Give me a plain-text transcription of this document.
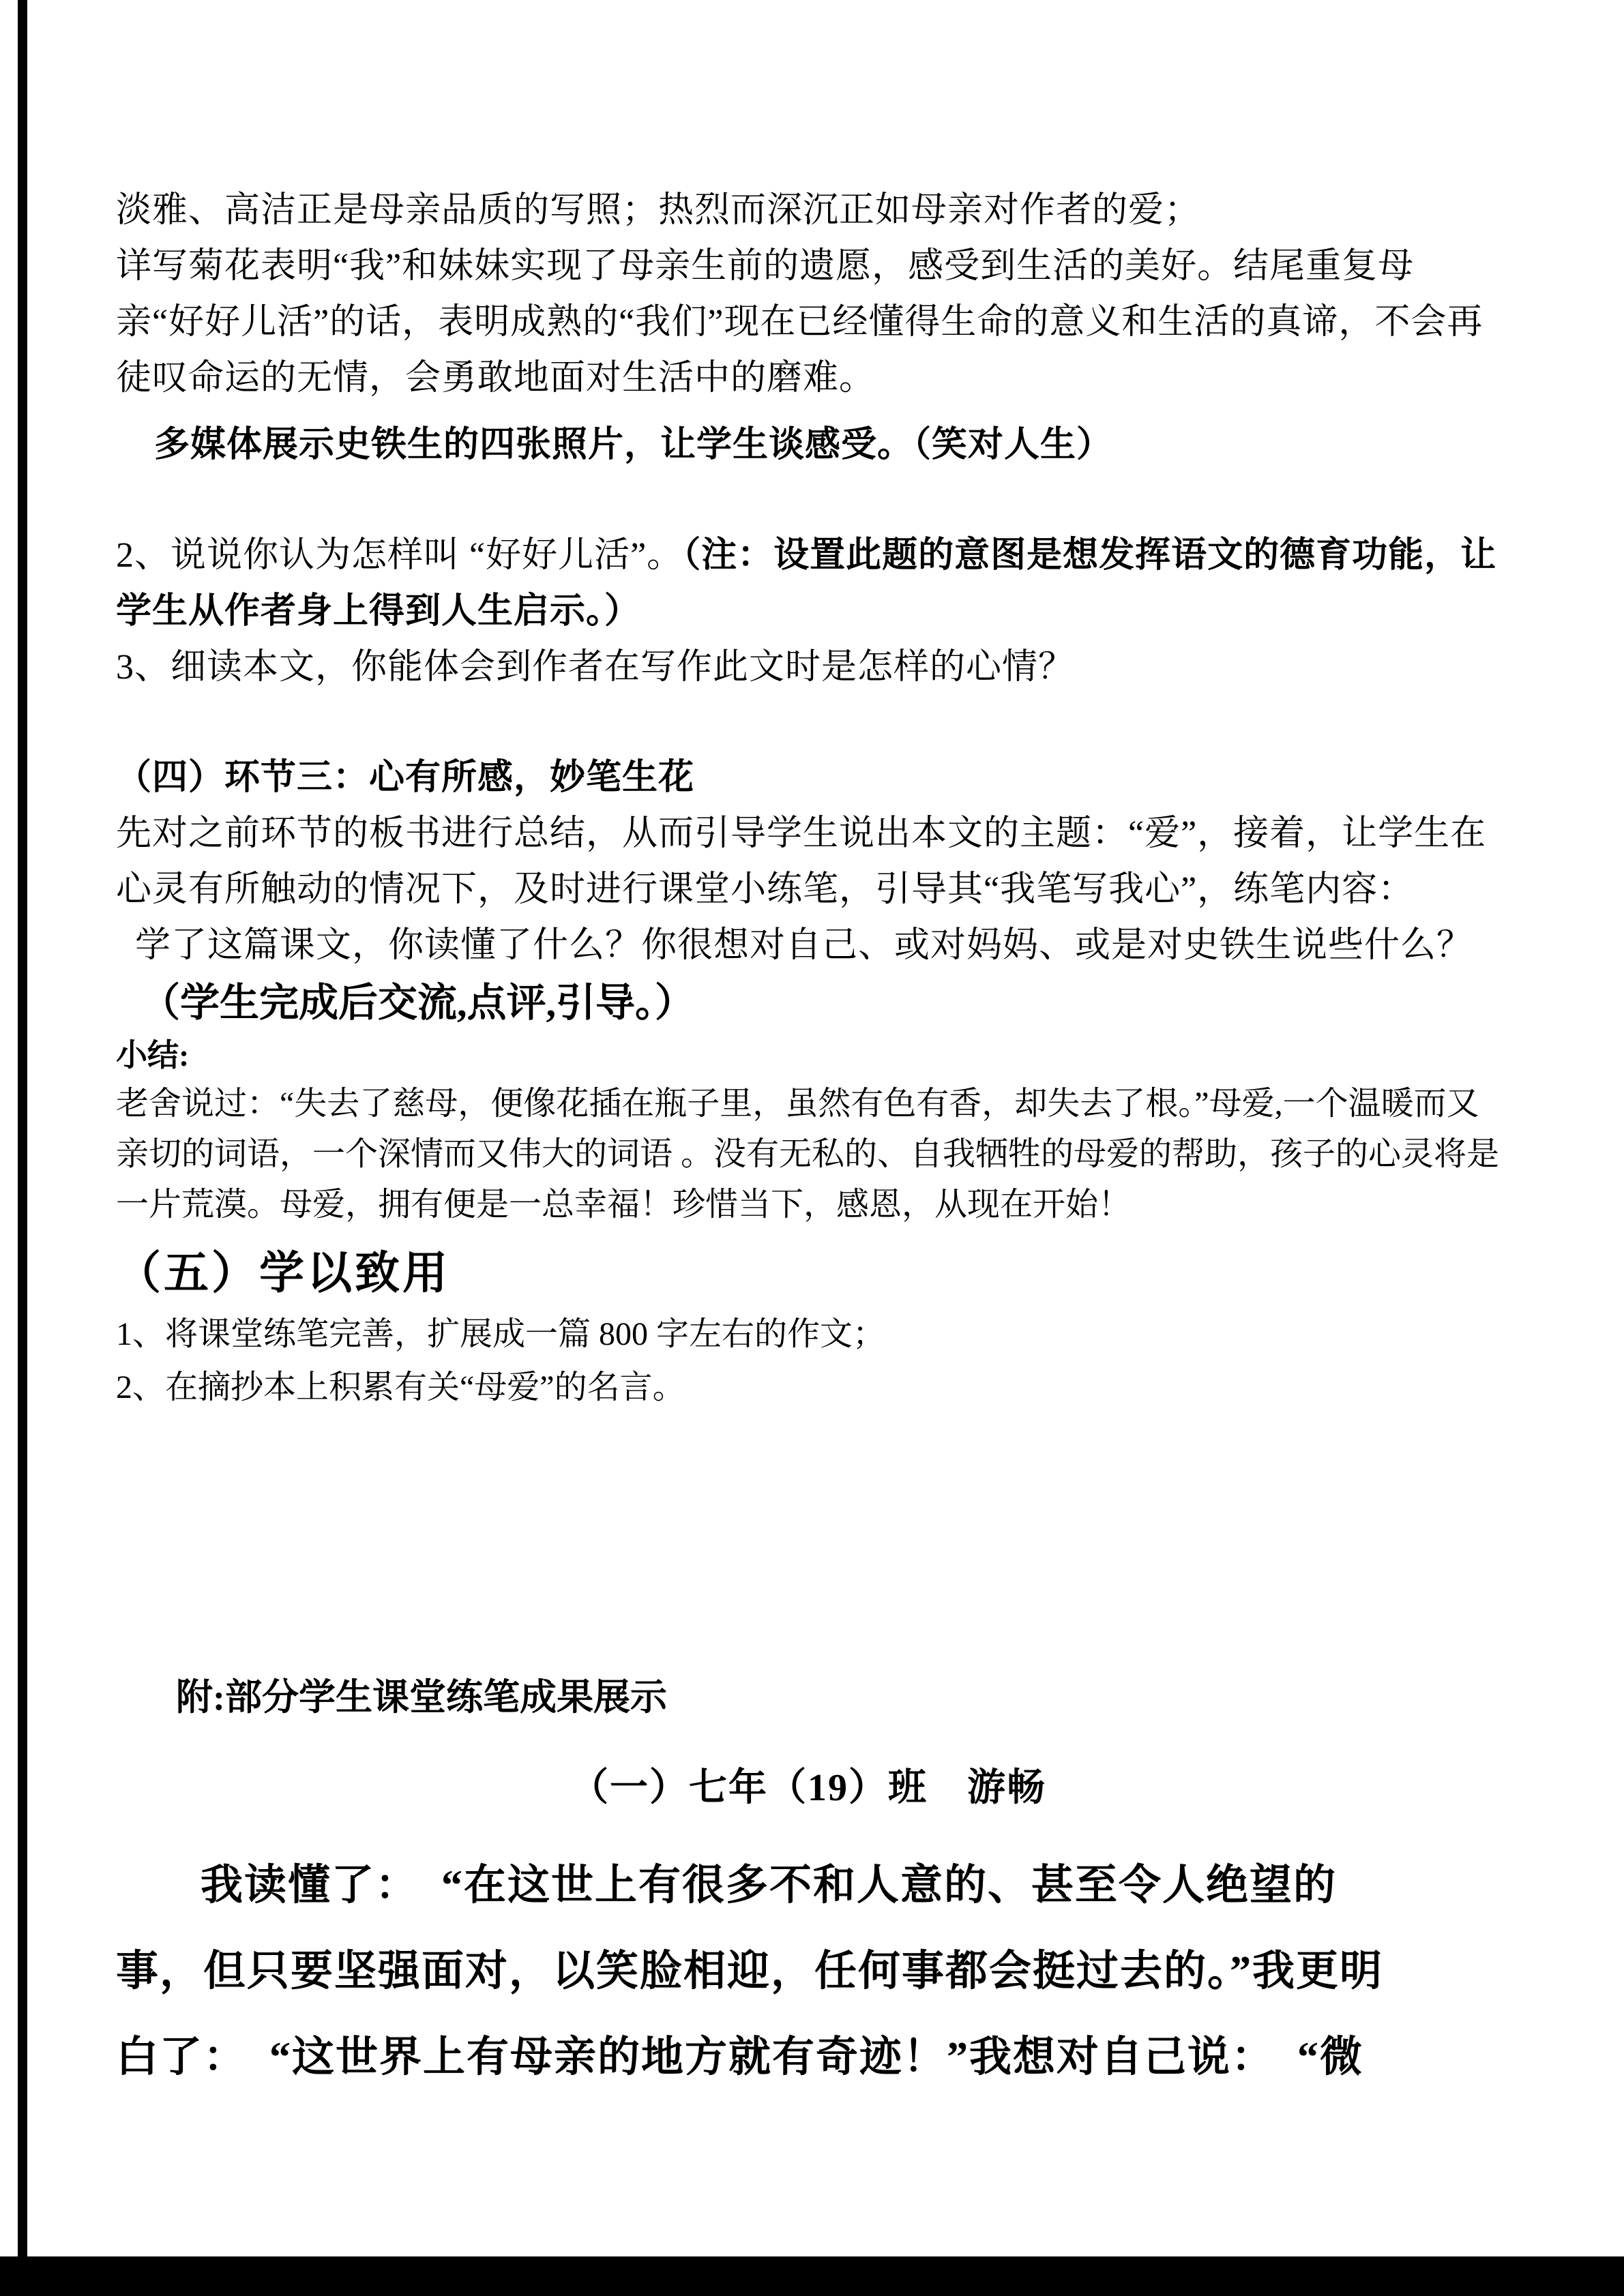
淡雅、高洁正是母亲品质的写照；热烈而深沉正如母亲对作者的爱；

详写菊花表明“我”和妹妹实现了母亲生前的遗愿，感受到生活的美好。结尾重复母亲“好好儿活”的话，表明成熟的“我们”现在已经懂得生命的意义和生活的真谛，不会再徒叹命运的无情，会勇敢地面对生活中的磨难。

多媒体展示史铁生的四张照片，让学生谈感受。（笑对人生）

2、说说你认为怎样叫 “好好儿活”。（注：设置此题的意图是想发挥语文的德育功能，让学生从作者身上得到人生启示。）

3、细读本文，你能体会到作者在写作此文时是怎样的心情？

（四）环节三：心有所感，妙笔生花

先对之前环节的板书进行总结，从而引导学生说出本文的主题：“爱”，接着，让学生在心灵有所触动的情况下，及时进行课堂小练笔，引导其“我笔写我心”，练笔内容：

学了这篇课文，你读懂了什么？你很想对自己、或对妈妈、或是对史铁生说些什么？

（学生完成后交流,点评,引导。）

小结:

老舍说过：“失去了慈母，便像花插在瓶子里，虽然有色有香，却失去了根。”母爱,一个温暖而又亲切的词语，一个深情而又伟大的词语 。没有无私的、自我牺牲的母爱的帮助，孩子的心灵将是一片荒漠。母爱，拥有便是一总幸福！珍惜当下，感恩，从现在开始！

（五）学以致用

1、将课堂练笔完善，扩展成一篇 800 字左右的作文；

2、在摘抄本上积累有关“母爱”的名言。

附:部分学生课堂练笔成果展示

（一）七年（19）班　游畅

我读懂了：　“在这世上有很多不和人意的、甚至令人绝望的事，但只要坚强面对，以笑脸相迎，任何事都会挺过去的。”我更明白了：　“这世界上有母亲的地方就有奇迹！”我想对自己说：　“微
